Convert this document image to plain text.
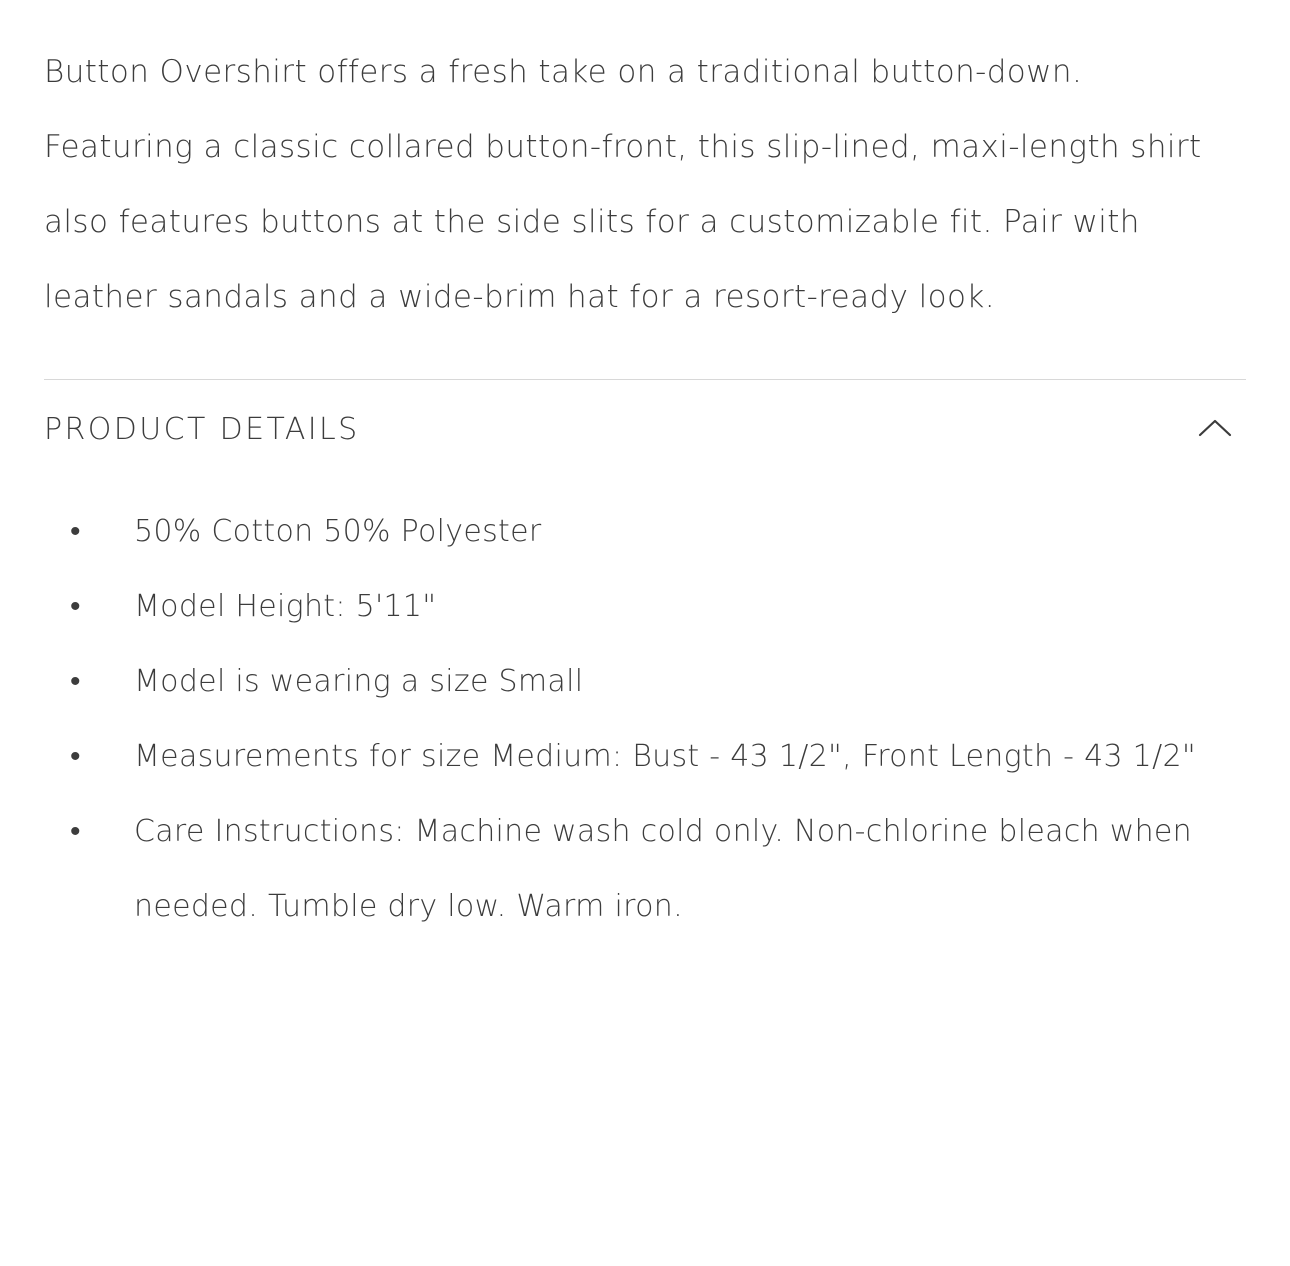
Button Overshirt offers a fresh take on a traditional button-down. Featuring a classic collared button-front, this slip-lined, maxi-length shirt also features buttons at the side slits for a customizable fit. Pair with leather sandals and a wide-brim hat for a resort-ready look.

PRODUCT DETAILS
• 50% Cotton 50% Polyester
• Model Height: 5'11"
• Model is wearing a size Small
• Measurements for size Medium: Bust - 43 1/2", Front Length - 43 1/2"
• Care Instructions: Machine wash cold only. Non-chlorine bleach when needed. Tumble dry low. Warm iron.
